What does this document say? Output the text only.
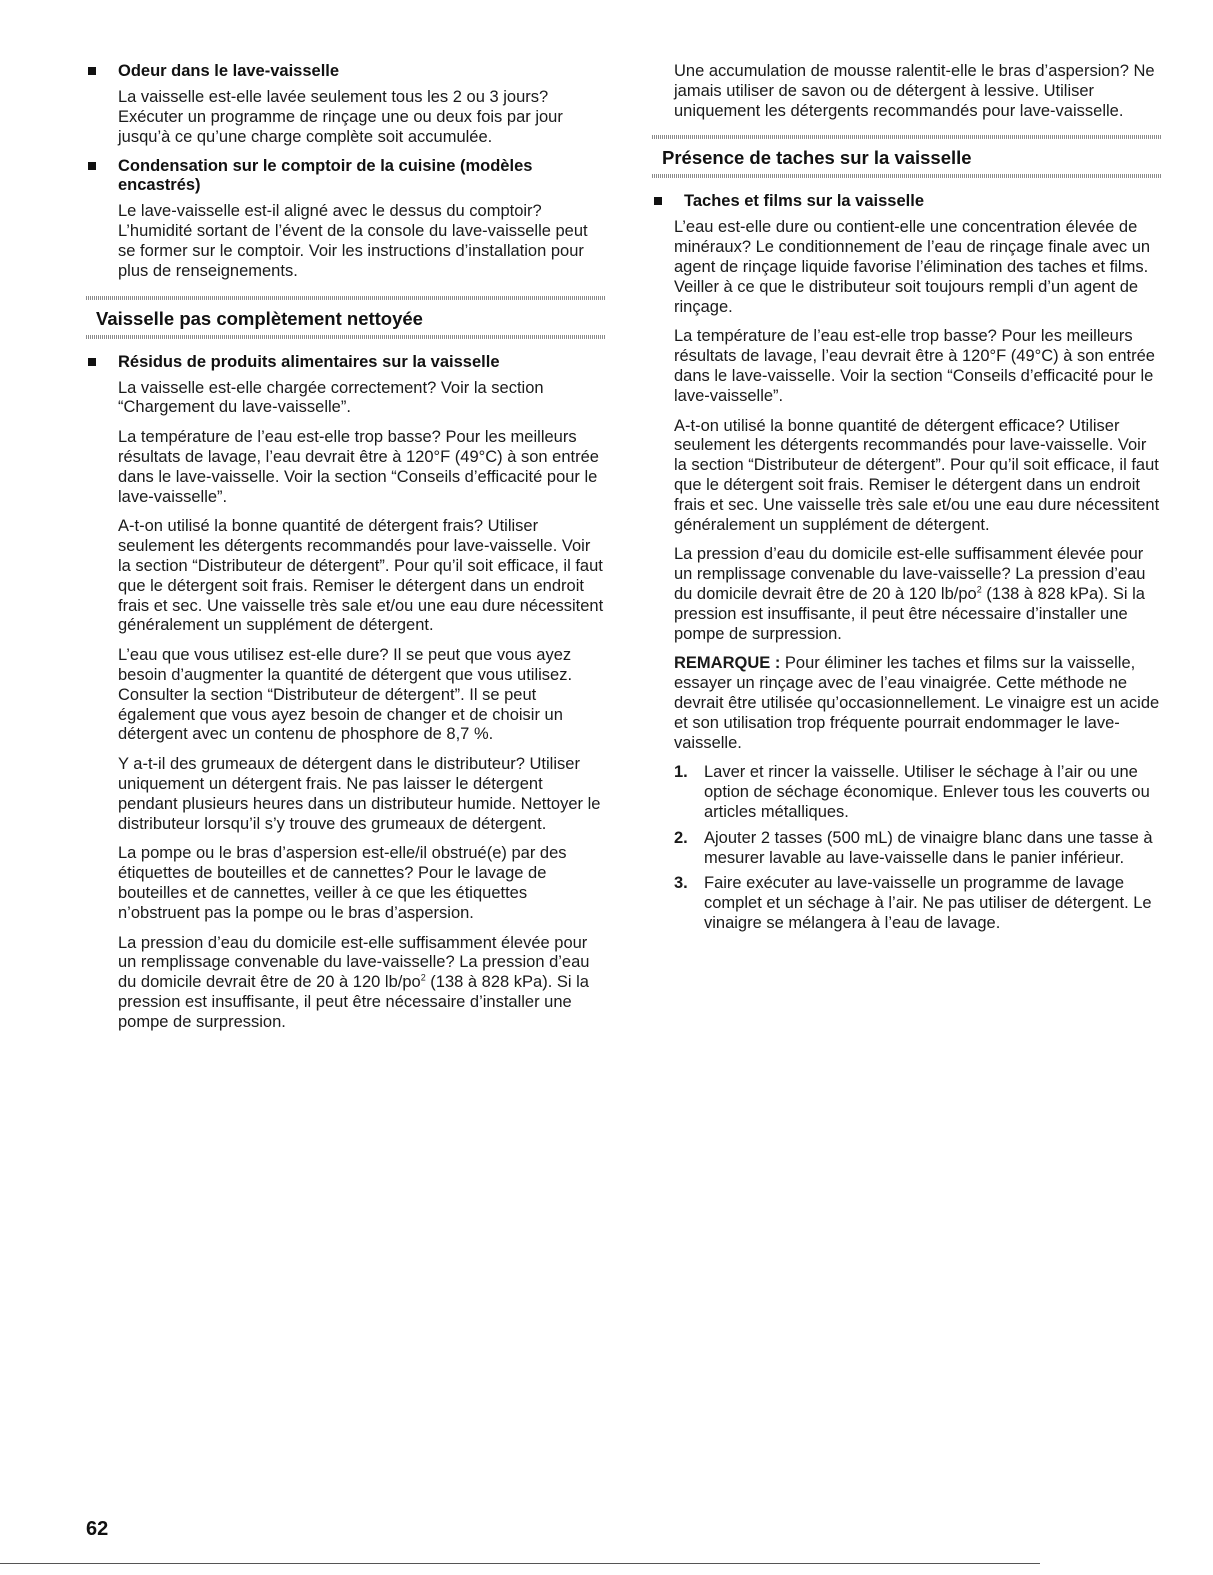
Odeur dans le lave-vaisselle

La vaisselle est-elle lavée seulement tous les 2 ou 3 jours? Exécuter un programme de rinçage une ou deux fois par jour jusqu’à ce qu’une charge complète soit accumulée.

Condensation sur le comptoir de la cuisine (modèles encastrés)

Le lave-vaisselle est-il aligné avec le dessus du comptoir? L’humidité sortant de l’évent de la console du lave-vaisselle peut se former sur le comptoir. Voir les instructions d’installation pour plus de renseignements.

Vaisselle pas complètement nettoyée
Résidus de produits alimentaires sur la vaisselle

La vaisselle est-elle chargée correctement? Voir la section “Chargement du lave-vaisselle”.

La température de l’eau est-elle trop basse? Pour les meilleurs résultats de lavage, l’eau devrait être à 120°F (49°C) à son entrée dans le lave-vaisselle. Voir la section “Conseils d’efficacité pour le lave-vaisselle”.

A-t-on utilisé la bonne quantité de détergent frais? Utiliser seulement les détergents recommandés pour lave-vaisselle. Voir la section “Distributeur de détergent”. Pour qu’il soit efficace, il faut que le détergent soit frais. Remiser le détergent dans un endroit frais et sec. Une vaisselle très sale et/ou une eau dure nécessitent généralement un supplément de détergent.

L’eau que vous utilisez est-elle dure? Il se peut que vous ayez besoin d’augmenter la quantité de détergent que vous utilisez. Consulter la section “Distributeur de détergent”. Il se peut également que vous ayez besoin de changer et de choisir un détergent avec un contenu de phosphore de 8,7 %.

Y a-t-il des grumeaux de détergent dans le distributeur? Utiliser uniquement un détergent frais. Ne pas laisser le détergent pendant plusieurs heures dans un distributeur humide. Nettoyer le distributeur lorsqu’il s’y trouve des grumeaux de détergent.

La pompe ou le bras d’aspersion est-elle/il obstrué(e) par des étiquettes de bouteilles et de cannettes? Pour le lavage de bouteilles et de cannettes, veiller à ce que les étiquettes n’obstruent pas la pompe ou le bras d’aspersion.

La pression d’eau du domicile est-elle suffisamment élevée pour un remplissage convenable du lave-vaisselle? La pression d’eau du domicile devrait être de 20 à 120 $lb/po^2$ (138 à 828 kPa). Si la pression est insuffisante, il peut être nécessaire d’installer une pompe de surpression.

Une accumulation de mousse ralentit-elle le bras d’aspersion? Ne jamais utiliser de savon ou de détergent à lessive. Utiliser uniquement les détergents recommandés pour lave-vaisselle.

Présence de taches sur la vaisselle
Taches et films sur la vaisselle

L’eau est-elle dure ou contient-elle une concentration élevée de minéraux? Le conditionnement de l’eau de rinçage finale avec un agent de rinçage liquide favorise l’élimination des taches et films. Veiller à ce que le distributeur soit toujours rempli d’un agent de rinçage.

La température de l’eau est-elle trop basse? Pour les meilleurs résultats de lavage, l’eau devrait être à 120°F (49°C) à son entrée dans le lave-vaisselle. Voir la section “Conseils d’efficacité pour le lave-vaisselle”.

A-t-on utilisé la bonne quantité de détergent efficace? Utiliser seulement les détergents recommandés pour lave-vaisselle. Voir la section “Distributeur de détergent”. Pour qu’il soit efficace, il faut que le détergent soit frais. Remiser le détergent dans un endroit frais et sec. Une vaisselle très sale et/ou une eau dure nécessitent généralement un supplément de détergent.

La pression d’eau du domicile est-elle suffisamment élevée pour un remplissage convenable du lave-vaisselle? La pression d’eau du domicile devrait être de 20 à 120 $lb/po^2$ (138 à 828 kPa). Si la pression est insuffisante, il peut être nécessaire d’installer une pompe de surpression.

REMARQUE : Pour éliminer les taches et films sur la vaisselle, essayer un rinçage avec de l’eau vinaigrée. Cette méthode ne devrait être utilisée qu’occasionnellement. Le vinaigre est un acide et son utilisation trop fréquente pourrait endommager le lave-vaisselle.

1. Laver et rincer la vaisselle. Utiliser le séchage à l’air ou une option de séchage économique. Enlever tous les couverts ou articles métalliques.
2. Ajouter 2 tasses (500 mL) de vinaigre blanc dans une tasse à mesurer lavable au lave-vaisselle dans le panier inférieur.
3. Faire exécuter au lave-vaisselle un programme de lavage complet et un séchage à l’air. Ne pas utiliser de détergent. Le vinaigre se mélangera à l’eau de lavage.
62
